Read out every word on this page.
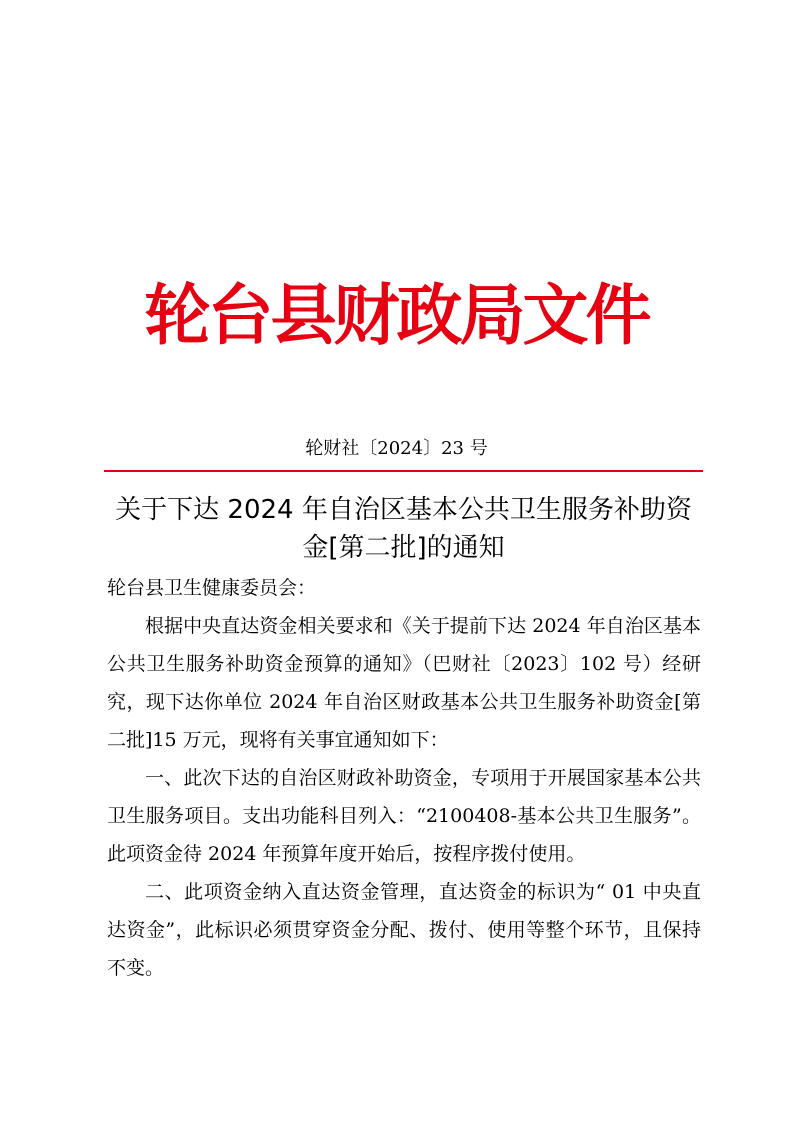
轮台县财政局文件
轮财社〔2024〕23 号
关于下达 2024 年自治区基本公共卫生服务补助资金[第二批]的通知

轮台县卫生健康委员会：

根据中央直达资金相关要求和《关于提前下达 2024 年自治区基本公共卫生服务补助资金预算的通知》（巴财社〔2023〕102 号）经研究，现下达你单位 2024 年自治区财政基本公共卫生服务补助资金[第二批]15 万元，现将有关事宜通知如下：

一、此次下达的自治区财政补助资金，专项用于开展国家基本公共卫生服务项目。支出功能科目列入：“2100408-基本公共卫生服务”。此项资金待 2024 年预算年度开始后，按程序拨付使用。

二、此项资金纳入直达资金管理，直达资金的标识为“ 01 中央直达资金”，此标识必须贯穿资金分配、拨付、使用等整个环节，且保持不变。
